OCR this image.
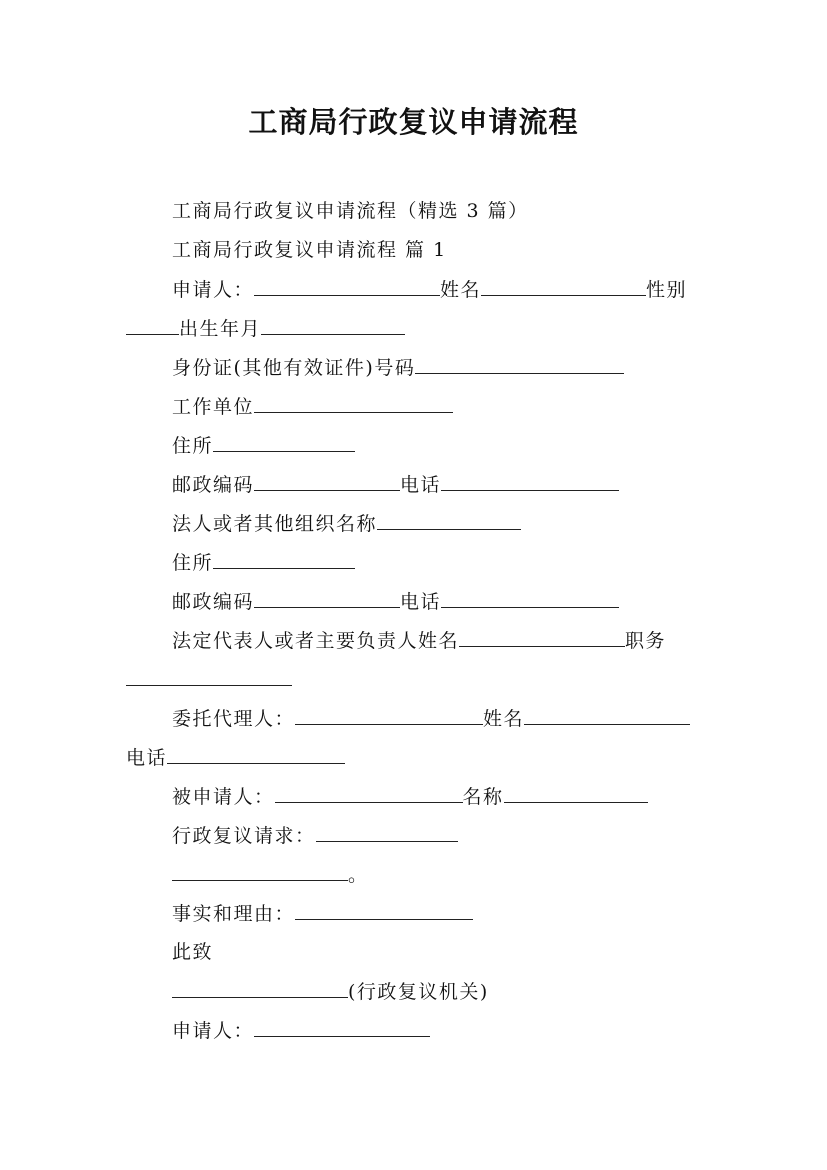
工商局行政复议申请流程
工商局行政复议申请流程（精选 3 篇）
工商局行政复议申请流程 篇 1
申请人：	姓名	性别
出生年月
身份证(其他有效证件)号码
工作单位
住所
邮政编码	电话
法人或者其他组织名称
住所
邮政编码	电话
法定代表人或者主要负责人姓名	职务
委托代理人：	姓名
电话
被申请人：	名称
行政复议请求：
。
事实和理由：
此致
(行政复议机关)
申请人：
